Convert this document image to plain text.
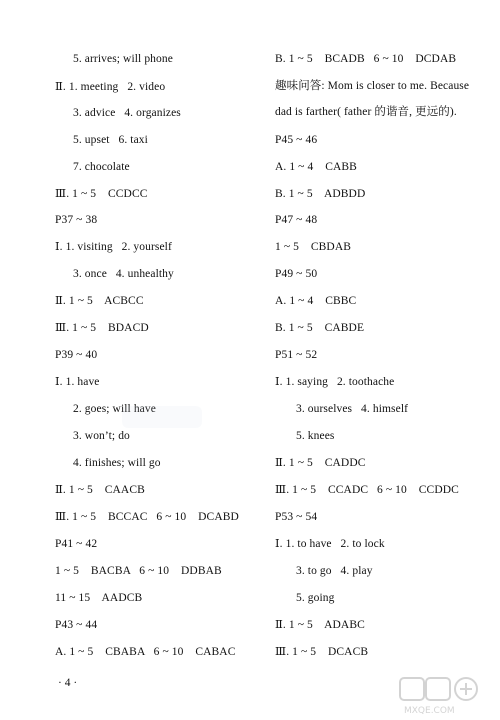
5. arrives; will phone
Ⅱ. 1. meeting   2. video
3. advice   4. organizes
5. upset   6. taxi
7. chocolate
Ⅲ. 1 ~ 5    CCDCC
P37 ~ 38
Ⅰ. 1. visiting   2. yourself
3. once   4. unhealthy
Ⅱ. 1 ~ 5    ACBCC
Ⅲ. 1 ~ 5    BDACD
P39 ~ 40
Ⅰ. 1. have
2. goes; will have
3. won’t; do
4. finishes; will go
Ⅱ. 1 ~ 5    CAACB
Ⅲ. 1 ~ 5    BCCAC   6 ~ 10    DCABD
P41 ~ 42
1 ~ 5    BACBA   6 ~ 10    DDBAB
11 ~ 15    AADCB
P43 ~ 44
A. 1 ~ 5    CBABA   6 ~ 10    CABAC
B. 1 ~ 5    BCADB   6 ~ 10    DCDAB
趣味问答: Mom is closer to me. Because
dad is farther( father 的谐音, 更远的).
P45 ~ 46
A. 1 ~ 4    CABB
B. 1 ~ 5    ADBDD
P47 ~ 48
1 ~ 5    CBDAB
P49 ~ 50
A. 1 ~ 4    CBBC
B. 1 ~ 5    CABDE
P51 ~ 52
Ⅰ. 1. saying   2. toothache
3. ourselves   4. himself
5. knees
Ⅱ. 1 ~ 5    CADDC
Ⅲ. 1 ~ 5    CCADC   6 ~ 10    CCDDC
P53 ~ 54
Ⅰ. 1. to have   2. to lock
3. to go   4. play
5. going
Ⅱ. 1 ~ 5    ADABC
Ⅲ. 1 ~ 5    DCACB
· 4 ·
MXQE.COM
